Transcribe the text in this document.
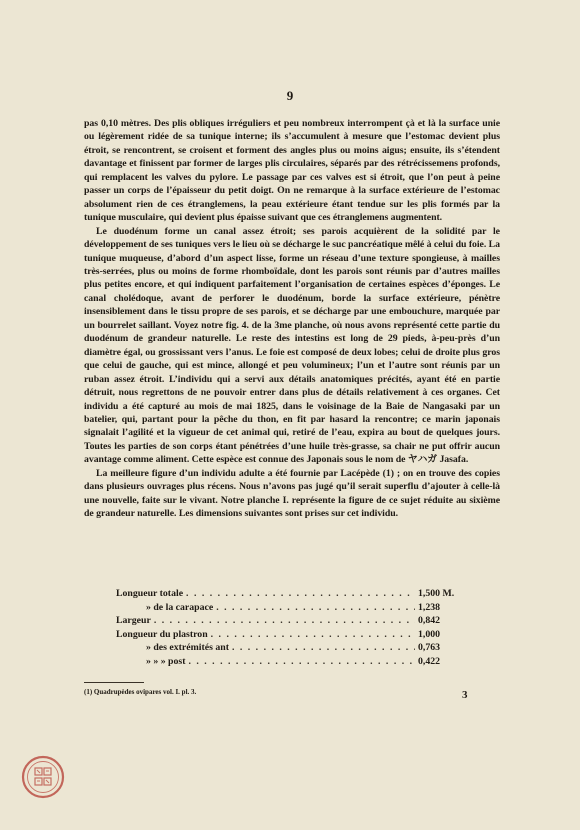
9

pas 0,10 mètres. Des plis obliques irréguliers et peu nombreux interrompent çà et là la surface unie ou légèrement ridée de sa tunique interne; ils s’accumulent à mesure que l’estomac devient plus étroit, se rencontrent, se croisent et forment des angles plus ou moins aigus; ensuite, ils s’étendent davantage et finissent par former de larges plis circulaires, séparés par des rétrécissemens profonds, qui remplacent les valves du pylore. Le passage par ces valves est si étroit, que l’on peut à peine passer un corps de l’épaisseur du petit doigt. On ne remarque à la surface extérieure de l’estomac absolument rien de ces étranglemens, la peau extérieure étant tendue sur les plis formés par la tunique musculaire, qui devient plus épaisse suivant que ces étranglemens augmentent.

Le duodénum forme un canal assez étroit; ses parois acquièrent de la solidité par le développement de ses tuniques vers le lieu où se décharge le suc pancréatique mêlé à celui du foie. La tunique muqueuse, d’abord d’un aspect lisse, forme un réseau d’une texture spongieuse, à mailles très-serrées, plus ou moins de forme rhomboïdale, dont les parois sont réunis par d’autres mailles plus petites encore, et qui indiquent parfaitement l’organisation de certaines espèces d’éponges. Le canal cholédoque, avant de perforer le duodénum, borde la surface extérieure, pénètre insensiblement dans le tissu propre de ses parois, et se décharge par une embouchure, marquée par un bourrelet saillant. Voyez notre fig. 4. de la 3me planche, où nous avons représenté cette partie du duodénum de grandeur naturelle. Le reste des intestins est long de 29 pieds, à-peu-près d’un diamètre égal, ou grossissant vers l’anus. Le foie est composé de deux lobes; celui de droite plus gros que celui de gauche, qui est mince, allongé et peu volumineux; l’un et l’autre sont réunis par un ruban assez étroit. L’individu qui a servi aux détails anatomiques précités, ayant été en partie détruit, nous regrettons de ne pouvoir entrer dans plus de détails relativement à ces organes. Cet individu a été capturé au mois de mai 1825, dans le voisinage de la Baie de Nangasaki par un batelier, qui, partant pour la pêche du thon, en fit par hasard la rencontre; ce marin japonais signalait l’agilité et la vigueur de cet animal qui, retiré de l’eau, expira au bout de quelques jours. Toutes les parties de son corps étant pénétrées d’une huile très-grasse, sa chair ne put offrir aucun avantage comme aliment. Cette espèce est connue des Japonais sous le nom de ヤハガ Jasafa.

La meilleure figure d’un individu adulte a été fournie par Lacépède (1) ; on en trouve des copies dans plusieurs ouvrages plus récens. Nous n’avons pas jugé qu’il serait superflu d’ajouter à celle-là une nouvelle, faite sur le vivant. Notre planche I. représente la figure de ce sujet réduite au sixième de grandeur naturelle. Les dimensions suivantes sont prises sur cet individu.

Longueur totale . . .	1,500 M.
» de la carapace . . .	1,238
Largeur . . .	0,842
Longueur du plastron . . .	1,000
» des extrémités ant . . .	0,763
» » » post . . .	0,422
(1) Quadrupèdes ovipares vol. I. pl. 3.	3
